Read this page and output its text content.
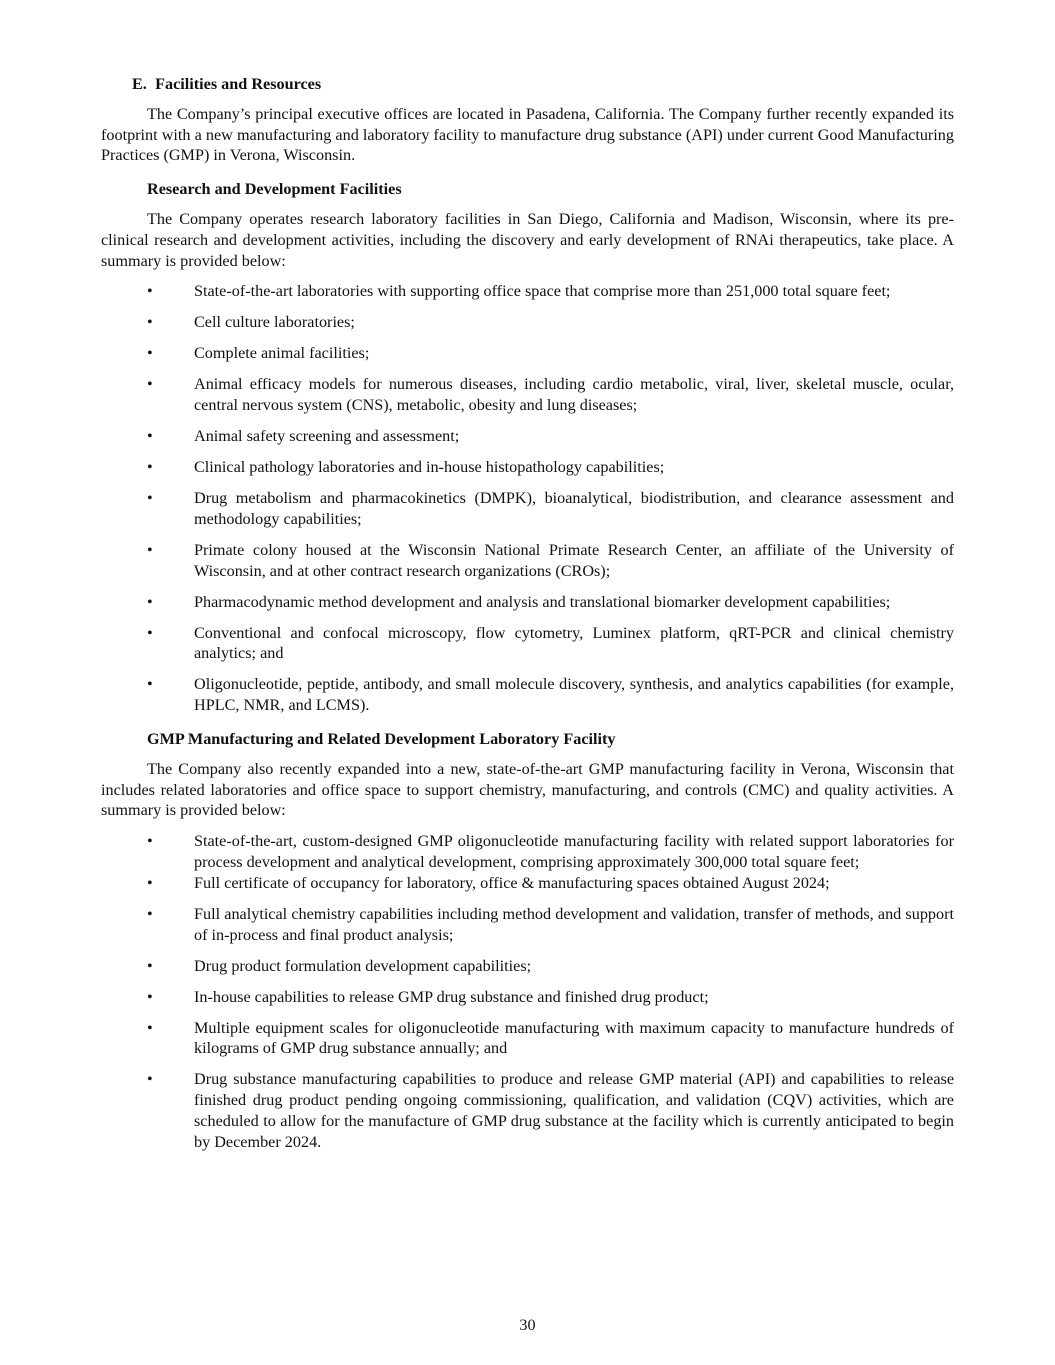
E. Facilities and Resources

The Company’s principal executive offices are located in Pasadena, California. The Company further recently expanded its footprint with a new manufacturing and laboratory facility to manufacture drug substance (API) under current Good Manufacturing Practices (GMP) in Verona, Wisconsin.

Research and Development Facilities

The Company operates research laboratory facilities in San Diego, California and Madison, Wisconsin, where its pre-clinical research and development activities, including the discovery and early development of RNAi therapeutics, take place. A summary is provided below:

•	State-of-the-art laboratories with supporting office space that comprise more than 251,000 total square feet;
•	Cell culture laboratories;
•	Complete animal facilities;
•	Animal efficacy models for numerous diseases, including cardio metabolic, viral, liver, skeletal muscle, ocular, central nervous system (CNS), metabolic, obesity and lung diseases;
•	Animal safety screening and assessment;
•	Clinical pathology laboratories and in-house histopathology capabilities;
•	Drug metabolism and pharmacokinetics (DMPK), bioanalytical, biodistribution, and clearance assessment and methodology capabilities;
•	Primate colony housed at the Wisconsin National Primate Research Center, an affiliate of the University of Wisconsin, and at other contract research organizations (CROs);
•	Pharmacodynamic method development and analysis and translational biomarker development capabilities;
•	Conventional and confocal microscopy, flow cytometry, Luminex platform, qRT-PCR and clinical chemistry analytics; and
•	Oligonucleotide, peptide, antibody, and small molecule discovery, synthesis, and analytics capabilities (for example, HPLC, NMR, and LCMS).
GMP Manufacturing and Related Development Laboratory Facility

The Company also recently expanded into a new, state-of-the-art GMP manufacturing facility in Verona, Wisconsin that includes related laboratories and office space to support chemistry, manufacturing, and controls (CMC) and quality activities. A summary is provided below:

•	State-of-the-art, custom-designed GMP oligonucleotide manufacturing facility with related support laboratories for process development and analytical development, comprising approximately 300,000 total square feet;
•	Full certificate of occupancy for laboratory, office & manufacturing spaces obtained August 2024;
•	Full analytical chemistry capabilities including method development and validation, transfer of methods, and support of in-process and final product analysis;
•	Drug product formulation development capabilities;
•	In-house capabilities to release GMP drug substance and finished drug product;
•	Multiple equipment scales for oligonucleotide manufacturing with maximum capacity to manufacture hundreds of kilograms of GMP drug substance annually; and
•	Drug substance manufacturing capabilities to produce and release GMP material (API) and capabilities to release finished drug product pending ongoing commissioning, qualification, and validation (CQV) activities, which are scheduled to allow for the manufacture of GMP drug substance at the facility which is currently anticipated to begin by December 2024.
30
